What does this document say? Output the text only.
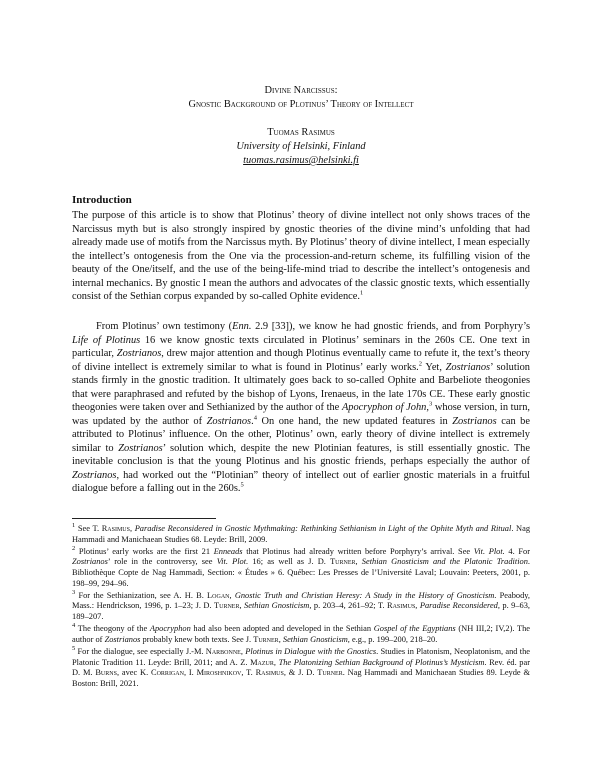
Divine Narcissus:
Gnostic Background of Plotinus’ Theory of Intellect
Tuomas Rasimus
University of Helsinki, Finland
tuomas.rasimus@helsinki.fi
Introduction

The purpose of this article is to show that Plotinus’ theory of divine intellect not only shows traces of the Narcissus myth but is also strongly inspired by gnostic theories of the divine mind’s unfolding that had already made use of motifs from the Narcissus myth. By Plotinus’ theory of divine intellect, I mean especially the intellect’s ontogenesis from the One via the procession-and-return scheme, its fulfilling vision of the beauty of the One/itself, and the use of the being-life-mind triad to describe the intellect’s ontogenesis and internal mechanics. By gnostic I mean the authors and advocates of the classic gnostic texts, which essentially consist of the Sethian corpus expanded by so-called Ophite evidence.$^1$

From Plotinus’ own testimony (Enn. 2.9 [33]), we know he had gnostic friends, and from Porphyry’s Life of Plotinus 16 we know gnostic texts circulated in Plotinus’ seminars in the 260s CE. One text in particular, Zostrianos, drew major attention and though Plotinus eventually came to refute it, the text’s theory of divine intellect is extremely similar to what is found in Plotinus’ early works.$^2$ Yet, Zostrianos’ solution stands firmly in the gnostic tradition. It ultimately goes back to so-called Ophite and Barbeliote theogonies that were paraphrased and refuted by the bishop of Lyons, Irenaeus, in the late 170s CE. These early gnostic theogonies were taken over and Sethianized by the author of the Apocryphon of John,$^3$ whose version, in turn, was updated by the author of Zostrianos.$^4$ On one hand, the new updated features in Zostrianos can be attributed to Plotinus’ influence. On the other, Plotinus’ own, early theory of divine intellect is extremely similar to Zostrianos’ solution which, despite the new Plotinian features, is still essentially gnostic. The inevitable conclusion is that the young Plotinus and his gnostic friends, perhaps especially the author of Zostrianos, had worked out the “Plotinian” theory of intellect out of earlier gnostic materials in a fruitful dialogue before a falling out in the 260s.$^5$

$^1$ See T. Rasimus, Paradise Reconsidered in Gnostic Mythmaking: Rethinking Sethianism in Light of the Ophite Myth and Ritual. Nag Hammadi and Manichaean Studies 68. Leyde: Brill, 2009.

$^2$ Plotinus’ early works are the first 21 Enneads that Plotinus had already written before Porphyry’s arrival. See Vit. Plot. 4. For Zostrianos’ role in the controversy, see Vit. Plot. 16; as well as J. D. Turner, Sethian Gnosticism and the Platonic Tradition. Bibliothèque Copte de Nag Hammadi, Section: « Études » 6. Québec: Les Presses de l’Université Laval; Louvain: Peeters, 2001, p. 198–99, 294–96.

$^3$ For the Sethianization, see A. H. B. Logan, Gnostic Truth and Christian Heresy: A Study in the History of Gnosticism. Peabody, Mass.: Hendrickson, 1996, p. 1–23; J. D. Turner, Sethian Gnosticism, p. 203–4, 261–92; T. Rasimus, Paradise Reconsidered, p. 9–63, 189–207.

$^4$ The theogony of the Apocryphon had also been adopted and developed in the Sethian Gospel of the Egyptians (NH III,2; IV,2). The author of Zostrianos probably knew both texts. See J. Turner, Sethian Gnosticism, e.g., p. 199–200, 218–20.

$^5$ For the dialogue, see especially J.-M. Narbonne, Plotinus in Dialogue with the Gnostics. Studies in Platonism, Neoplatonism, and the Platonic Tradition 11. Leyde: Brill, 2011; and A. Z. Mazur, The Platonizing Sethian Background of Plotinus’s Mysticism. Rev. éd. par D. M. Burns, avec K. Corrigan, I. Miroshnikov, T. Rasimus, & J. D. Turner. Nag Hammadi and Manichaean Studies 89. Leyde & Boston: Brill, 2021.
